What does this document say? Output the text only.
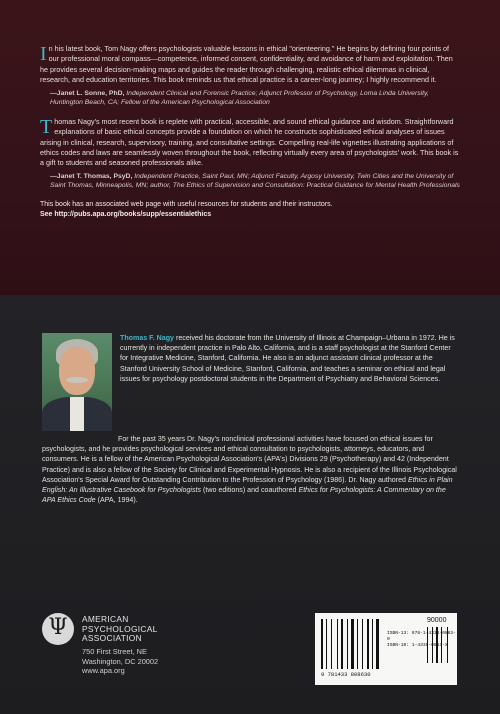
In his latest book, Tom Nagy offers psychologists valuable lessons in ethical "orienteering." He begins by defining four points of our professional moral compass—competence, informed consent, confidentiality, and avoidance of harm and exploitation. Then he provides several decision-making maps and guides the reader through challenging, realistic ethical dilemmas in clinical, research, and education territories. This book reminds us that ethical practice is a career-long journey; I highly recommend it.

—Janet L. Sonne, PhD, Independent Clinical and Forensic Practice; Adjunct Professor of Psychology, Loma Linda University, Huntington Beach, CA; Fellow of the American Psychological Association

Thomas Nagy's most recent book is replete with practical, accessible, and sound ethical guidance and wisdom. Straightforward explanations of basic ethical concepts provide a foundation on which he constructs sophisticated ethical analyses of issues arising in clinical, research, supervisory, training, and consultative settings. Compelling real-life vignettes illustrating applications of ethics codes and laws are seamlessly woven throughout the book, reflecting virtually every area of psychologists' work. This book is a gift to students and seasoned professionals alike.

—Janet T. Thomas, PsyD, Independent Practice, Saint Paul, MN; Adjunct Faculty, Argosy University, Twin Cities and the University of Saint Thomas, Minneapolis, MN; author, The Ethics of Supervision and Consultation: Practical Guidance for Mental Health Professionals

This book has an associated web page with useful resources for students and their instructors.

See http://pubs.apa.org/books/supp/essentialethics

Thomas F. Nagy received his doctorate from the University of Illinois at Champaign–Urbana in 1972. He is currently in independent practice in Palo Alto, California, and is a staff psychologist at the Stanford Center for Integrative Medicine, Stanford, California. He also is an adjunct assistant clinical professor at the Stanford University School of Medicine, Stanford, California, and teaches a seminar on ethical and legal issues for psychology postdoctoral students in the Department of Psychiatry and Behavioral Sciences.

For the past 35 years Dr. Nagy's nonclinical professional activities have focused on ethical issues for psychologists, and he provides psychological services and ethical consultation to psychologists, attorneys, educators, and consumers. He is a fellow of the American Psychological Association's (APA's) Divisions 29 (Psychotherapy) and 42 (Independent Practice) and is also a fellow of the Society for Clinical and Experimental Hypnosis. He is also a recipient of the Illinois Psychological Association's Special Award for Outstanding Contribution to the Profession of Psychology (1986). Dr. Nagy authored Ethics in Plain English: An Illustrative Casebook for Psychologists (two editions) and coauthored Ethics for Psychologists: A Commentary on the APA Ethics Code (APA, 1994).

Ψ	AMERICAN
PSYCHOLOGICAL
ASSOCIATION
750 First Street, NE
Washington, DC 20002
www.apa.org
90000
ISBN-13: 978-1-4338-0863-0
ISBN-10: 1-4338-0863-X
9 781433 808630
